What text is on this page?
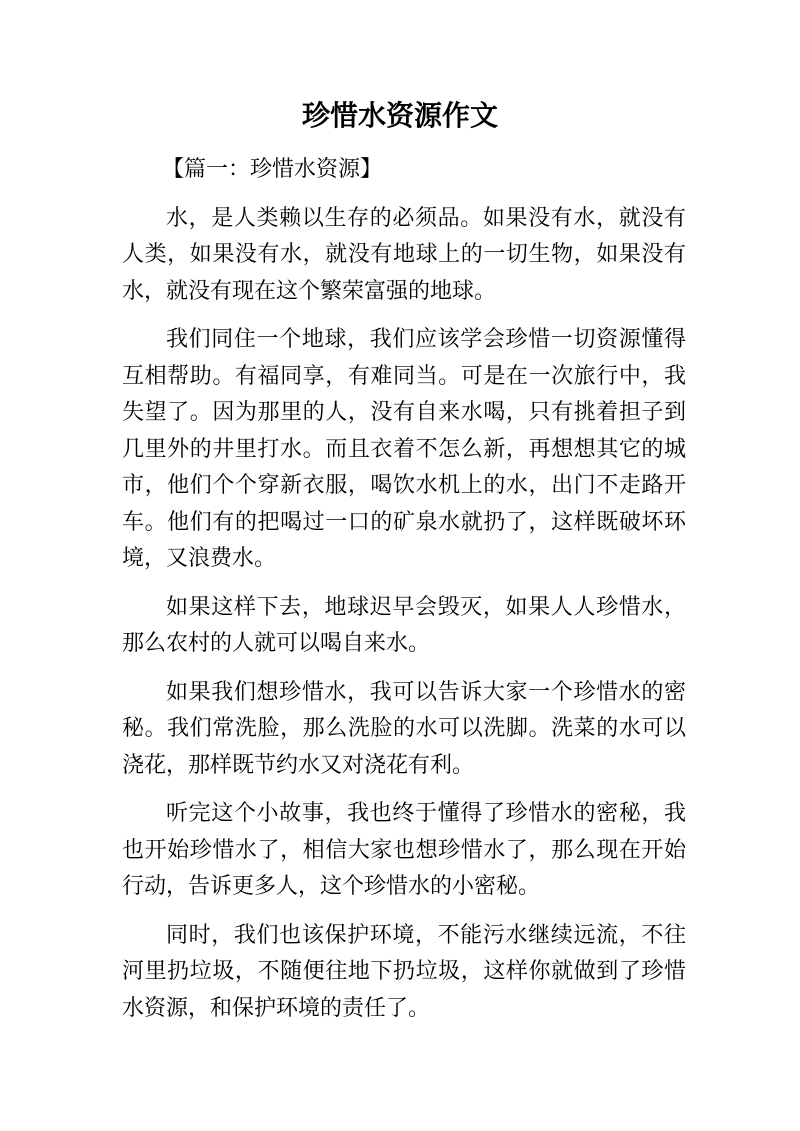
珍惜水资源作文

【篇一：珍惜水资源】

水，是人类赖以生存的必须品。如果没有水，就没有人类，如果没有水，就没有地球上的一切生物，如果没有水，就没有现在这个繁荣富强的地球。

我们同住一个地球，我们应该学会珍惜一切资源懂得互相帮助。有福同享，有难同当。可是在一次旅行中，我失望了。因为那里的人，没有自来水喝，只有挑着担子到几里外的井里打水。而且衣着不怎么新，再想想其它的城市，他们个个穿新衣服，喝饮水机上的水，出门不走路开车。他们有的把喝过一口的矿泉水就扔了，这样既破坏环境，又浪费水。

如果这样下去，地球迟早会毁灭，如果人人珍惜水，那么农村的人就可以喝自来水。

如果我们想珍惜水，我可以告诉大家一个珍惜水的密秘。我们常洗脸，那么洗脸的水可以洗脚。洗菜的水可以浇花，那样既节约水又对浇花有利。

听完这个小故事，我也终于懂得了珍惜水的密秘，我也开始珍惜水了，相信大家也想珍惜水了，那么现在开始行动，告诉更多人，这个珍惜水的小密秘。

同时，我们也该保护环境，不能污水继续远流，不往河里扔垃圾，不随便往地下扔垃圾，这样你就做到了珍惜水资源，和保护环境的责任了。
